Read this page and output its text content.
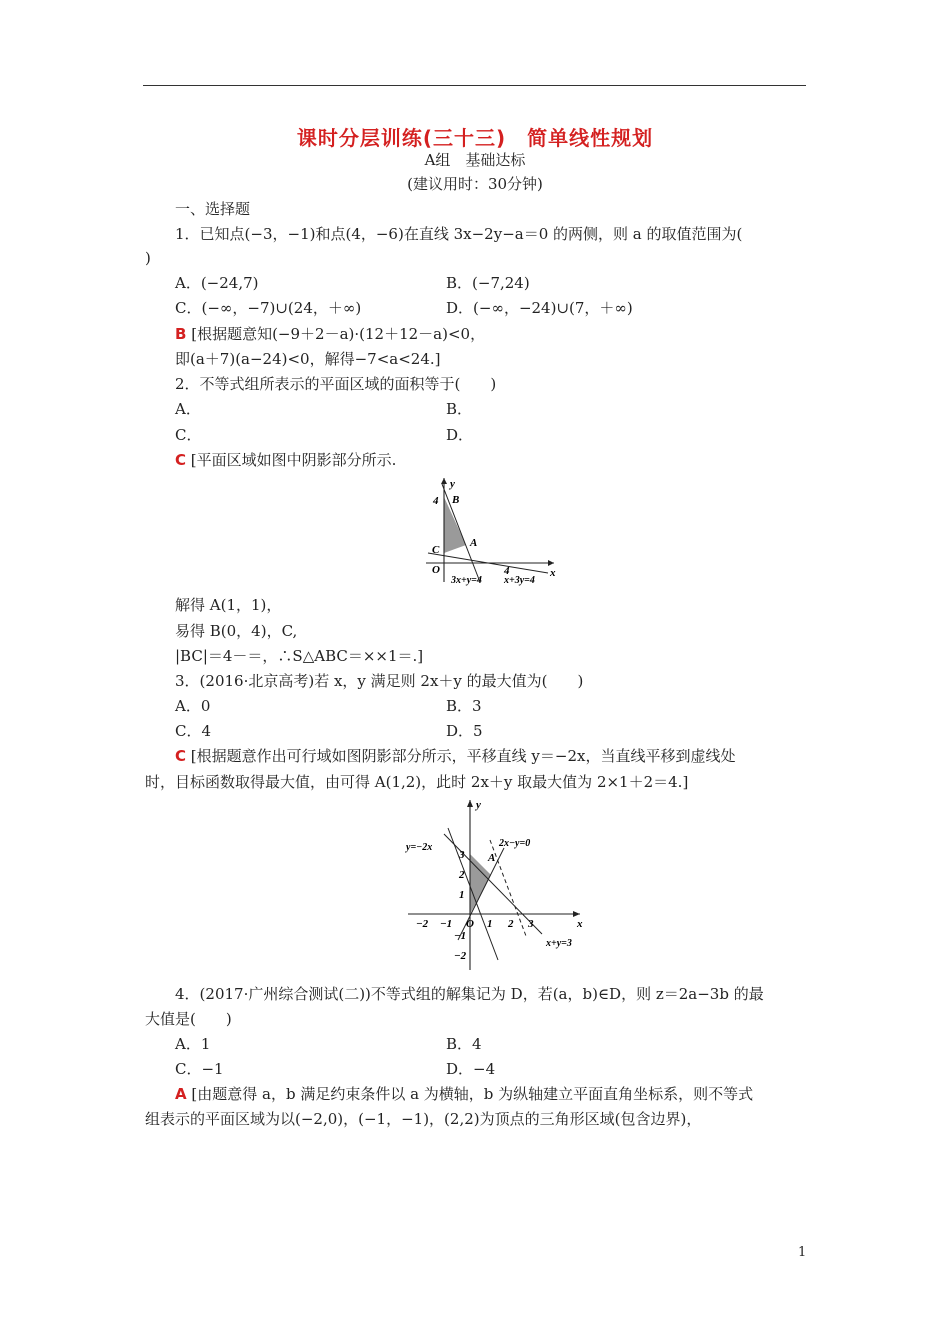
课时分层训练(三十三)　简单线性规划
A组　基础达标
(建议用时：30分钟)
一、选择题
1．已知点(−3，−1)和点(4，−6)在直线 3x−2y−a＝0 的两侧，则 a 的取值范围为(
)
A．(−24,7)	B．(−7,24)
C．(−∞，−7)∪(24，＋∞)	D．(−∞，−24)∪(7，＋∞)
B [根据题意知(−9＋2－a)·(12＋12－a)<0，
即(a＋7)(a−24)<0，解得−7<a<24.]
2．不等式组所表示的平面区域的面积等于(　　)
A．	B．
C．	D．
C [平面区域如图中阴影部分所示.
y
x
B
4
A
C
O	4
3x+y=4 x+3y=4
解得 A(1，1)，
易得 B(0，4)，C,
|BC|＝4－＝，∴S△ABC＝××1＝.]
3．(2016·北京高考)若 x，y 满足则 2x＋y 的最大值为(　　)
A．0	B．3
C．4	D．5
C [根据题意作出可行域如图阴影部分所示，平移直线 y＝−2x，当直线平移到虚线处
时，目标函数取得最大值，由可得 A(1,2)，此时 2x＋y 取最大值为 2×1＋2＝4.]
y
x
A
O
y=−2x	2x−y=0
x+y=3
−2 −1	1 2 3
3
2
1
−1
−2
4．(2017·广州综合测试(二))不等式组的解集记为 D，若(a，b)∈D，则 z＝2a−3b 的最
大值是(　　)
A．1	B．4
C．−1	D．−4
A [由题意得 a，b 满足约束条件以 a 为横轴，b 为纵轴建立平面直角坐标系，则不等式
组表示的平面区域为以(−2,0)，(−1，−1)，(2,2)为顶点的三角形区域(包含边界)，
1
